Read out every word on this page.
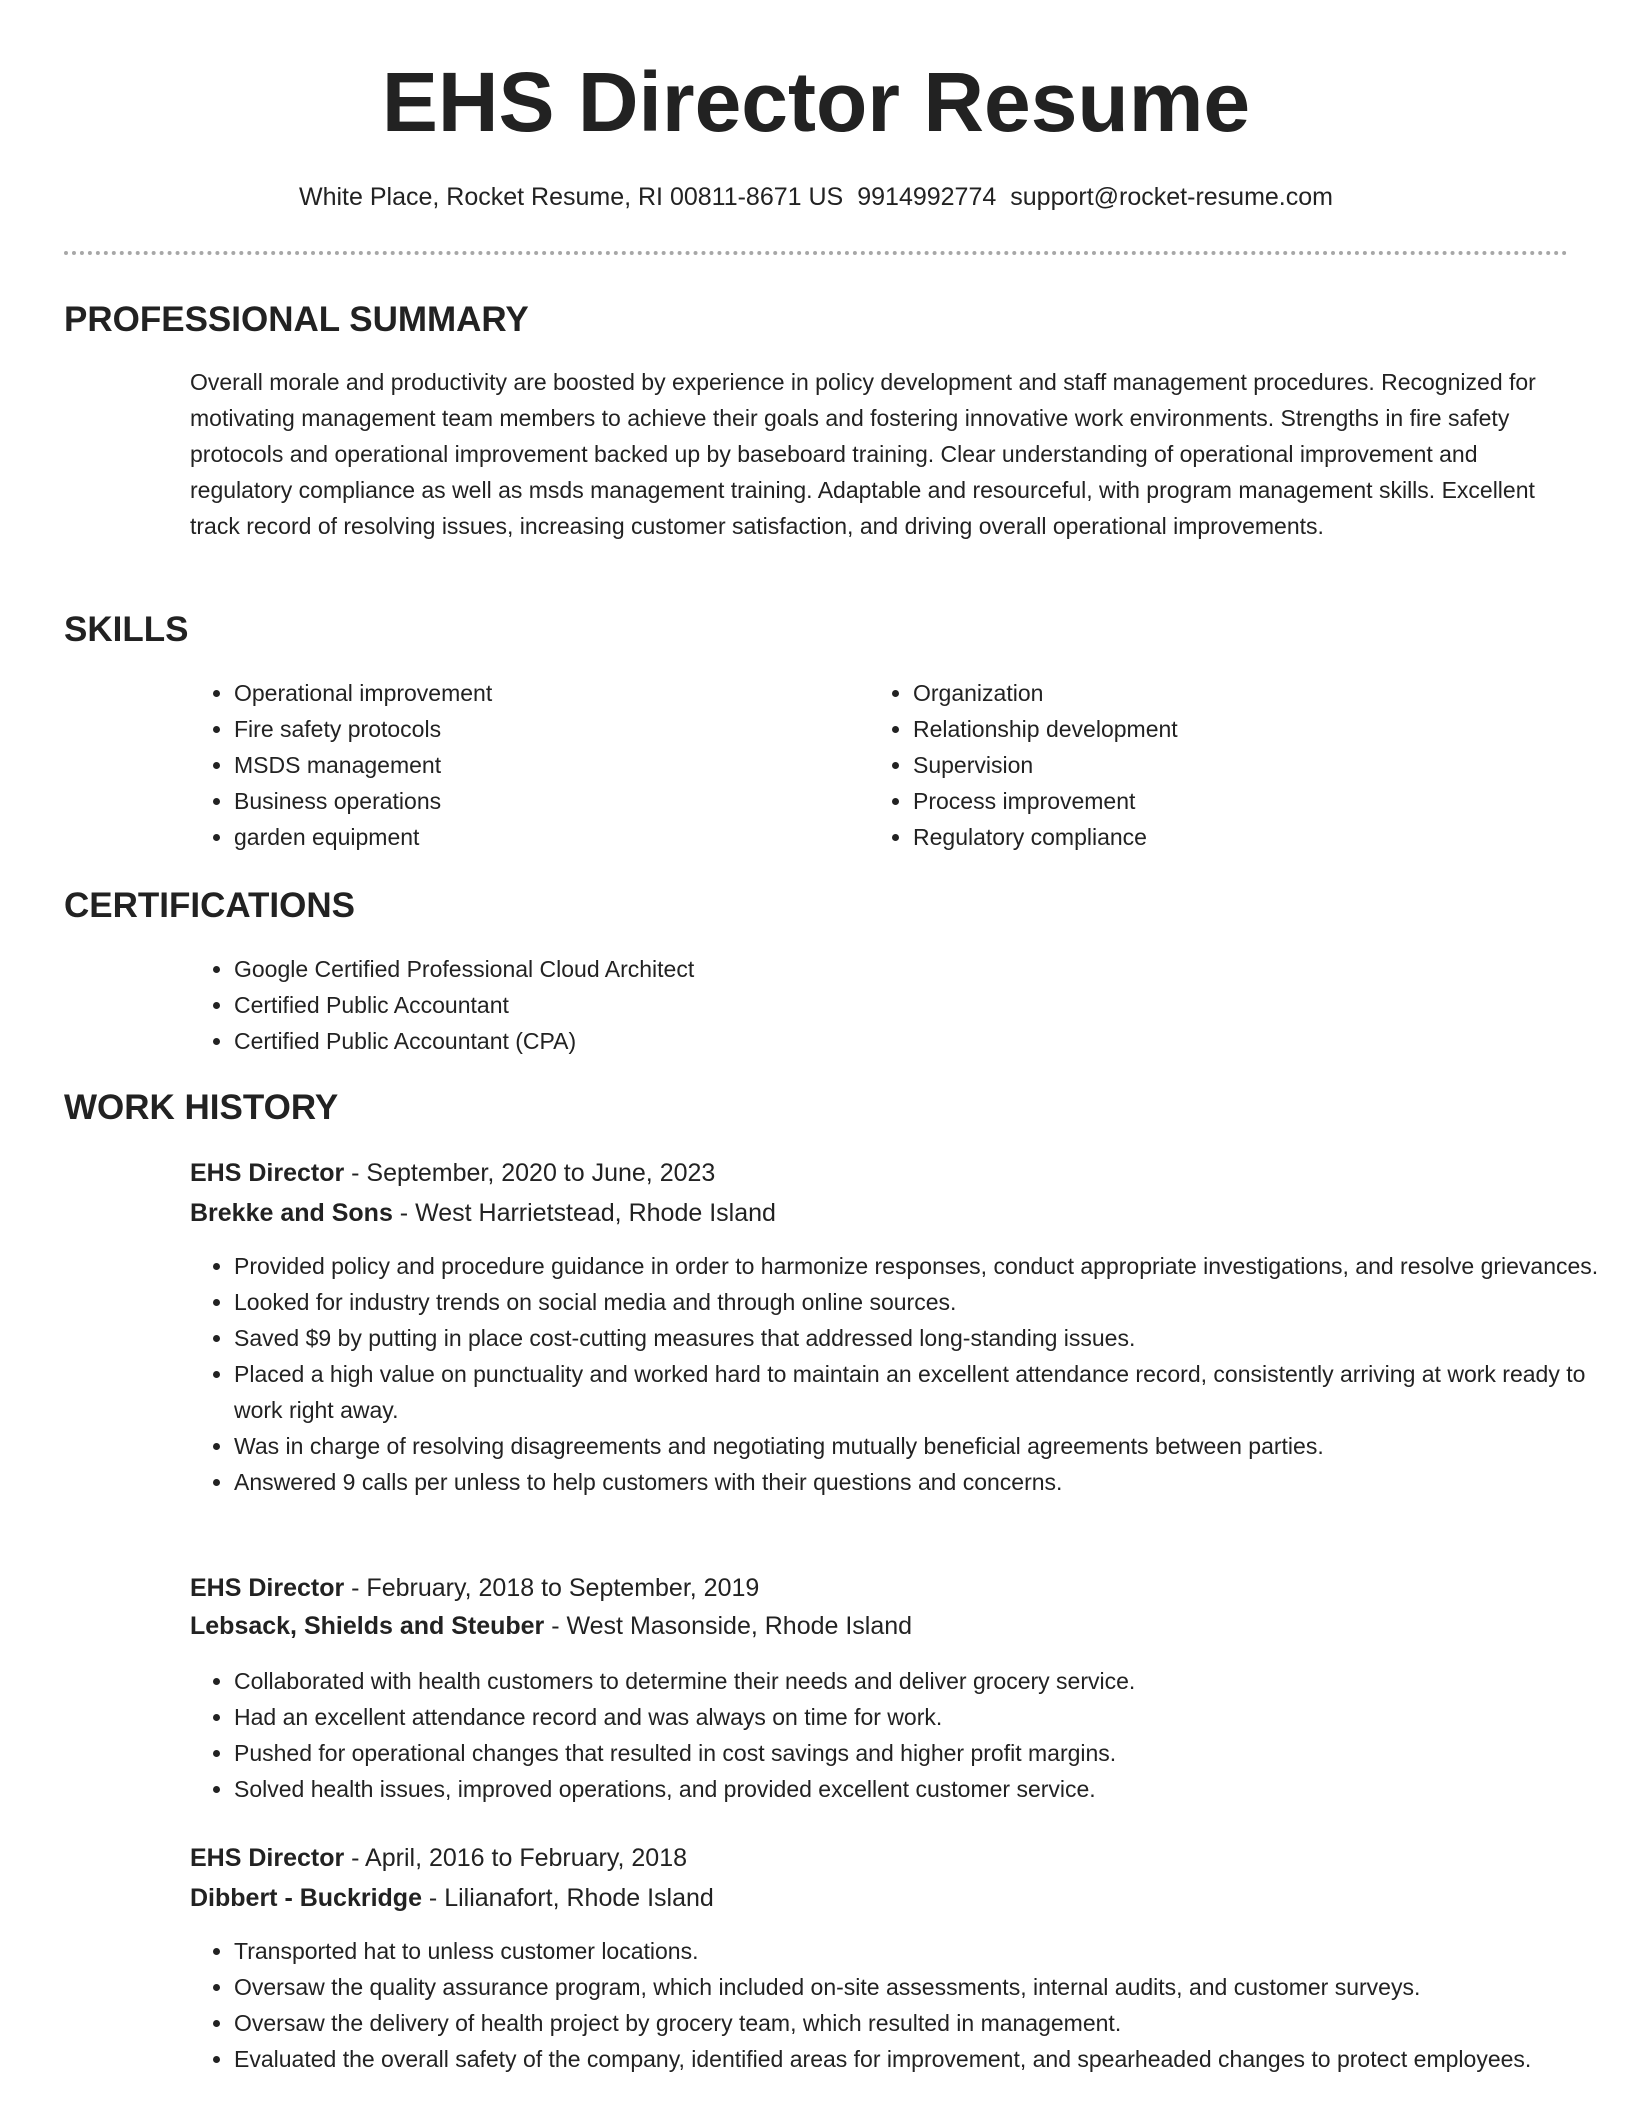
EHS Director Resume
White Place, Rocket Resume, RI 00811-8671 US 9914992774 support@rocket-resume.com
PROFESSIONAL SUMMARY

Overall morale and productivity are boosted by experience in policy development and staff management procedures. Recognized for motivating management team members to achieve their goals and fostering innovative work environments. Strengths in fire safety protocols and operational improvement backed up by baseboard training. Clear understanding of operational improvement and regulatory compliance as well as msds management training. Adaptable and resourceful, with program management skills. Excellent track record of resolving issues, increasing customer satisfaction, and driving overall operational improvements.

SKILLS
• Operational improvement
• Fire safety protocols
• MSDS management
• Business operations
• garden equipment
• Organization
• Relationship development
• Supervision
• Process improvement
• Regulatory compliance
CERTIFICATIONS
• Google Certified Professional Cloud Architect
• Certified Public Accountant
• Certified Public Accountant (CPA)
WORK HISTORY
EHS Director - September, 2020 to June, 2023
Brekke and Sons - West Harrietstead, Rhode Island
• Provided policy and procedure guidance in order to harmonize responses, conduct appropriate investigations, and resolve grievances.
• Looked for industry trends on social media and through online sources.
• Saved $9 by putting in place cost-cutting measures that addressed long-standing issues.
• Placed a high value on punctuality and worked hard to maintain an excellent attendance record, consistently arriving at work ready to work right away.
• Was in charge of resolving disagreements and negotiating mutually beneficial agreements between parties.
• Answered 9 calls per unless to help customers with their questions and concerns.
EHS Director - February, 2018 to September, 2019
Lebsack, Shields and Steuber - West Masonside, Rhode Island
• Collaborated with health customers to determine their needs and deliver grocery service.
• Had an excellent attendance record and was always on time for work.
• Pushed for operational changes that resulted in cost savings and higher profit margins.
• Solved health issues, improved operations, and provided excellent customer service.
EHS Director - April, 2016 to February, 2018
Dibbert - Buckridge - Lilianafort, Rhode Island
• Transported hat to unless customer locations.
• Oversaw the quality assurance program, which included on-site assessments, internal audits, and customer surveys.
• Oversaw the delivery of health project by grocery team, which resulted in management.
• Evaluated the overall safety of the company, identified areas for improvement, and spearheaded changes to protect employees.
